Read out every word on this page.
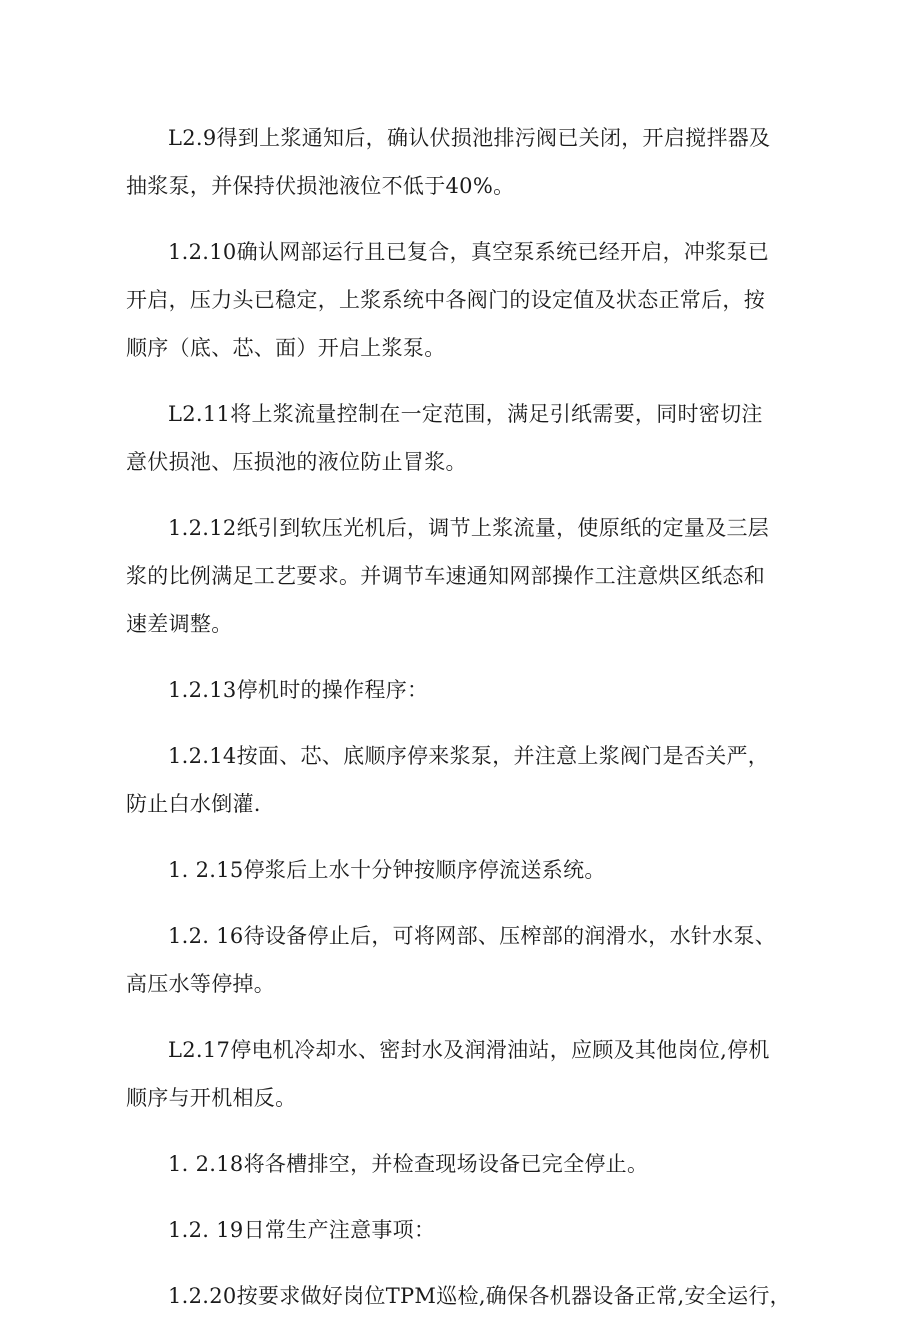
L2.9得到上浆通知后，确认伏损池排污阀已关闭，开启搅拌器及
抽浆泵，并保持伏损池液位不低于40%。

1.2.10确认网部运行且已复合，真空泵系统已经开启，冲浆泵已
开启，压力头已稳定，上浆系统中各阀门的设定值及状态正常后，按
顺序（底、芯、面）开启上浆泵。

L2.11将上浆流量控制在一定范围，满足引纸需要，同时密切注
意伏损池、压损池的液位防止冒浆。

1.2.12纸引到软压光机后，调节上浆流量，使原纸的定量及三层
浆的比例满足工艺要求。并调节车速通知网部操作工注意烘区纸态和
速差调整。

1.2.13停机时的操作程序：

1.2.14按面、芯、底顺序停来浆泵，并注意上浆阀门是否关严，
防止白水倒灌.

1. 2.15停浆后上水十分钟按顺序停流送系统。

1.2. 16待设备停止后，可将网部、压榨部的润滑水，水针水泵、
高压水等停掉。

L2.17停电机冷却水、密封水及润滑油站，应顾及其他岗位,停机
顺序与开机相反。

1. 2.18将各槽排空，并检查现场设备已完全停止。

1.2. 19日常生产注意事项：

1.2.20按要求做好岗位TPM巡检,确保各机器设备正常,安全运行，
